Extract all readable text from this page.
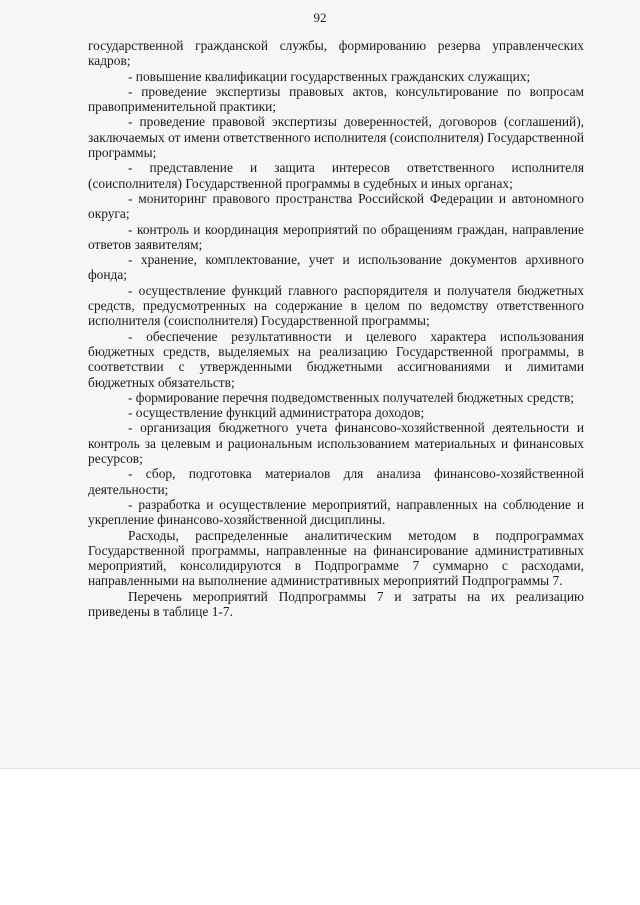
92

государственной гражданской службы, формированию резерва управленческих кадров;

- повышение квалификации государственных гражданских служащих;

- проведение экспертизы правовых актов, консультирование по вопросам правоприменительной практики;

- проведение правовой экспертизы доверенностей, договоров (соглашений), заключаемых от имени ответственного исполнителя (соисполнителя) Государственной программы;

- представление и защита интересов ответственного исполнителя (соисполнителя) Государственной программы в судебных и иных органах;

- мониторинг правового пространства Российской Федерации и автономного округа;

- контроль и координация мероприятий по обращениям граждан, направление ответов заявителям;

- хранение, комплектование, учет и использование документов архивного фонда;

- осуществление функций главного распорядителя и получателя бюджетных средств, предусмотренных на содержание в целом по ведомству ответственного исполнителя (соисполнителя) Государственной программы;

- обеспечение результативности и целевого характера использования бюджетных средств, выделяемых на реализацию Государственной программы, в соответствии с утвержденными бюджетными ассигнованиями и лимитами бюджетных обязательств;

- формирование перечня подведомственных получателей бюджетных средств;

- осуществление функций администратора доходов;

- организация бюджетного учета финансово-хозяйственной деятельности и контроль за целевым и рациональным использованием материальных и финансовых ресурсов;

- сбор, подготовка материалов для анализа финансово-хозяйственной деятельности;

- разработка и осуществление мероприятий, направленных на соблюдение и укрепление финансово-хозяйственной дисциплины.

Расходы, распределенные аналитическим методом в подпрограммах Государственной программы, направленные на финансирование административных мероприятий, консолидируются в Подпрограмме 7 суммарно с расходами, направленными на выполнение административных мероприятий Подпрограммы 7.

Перечень мероприятий Подпрограммы 7 и затраты на их реализацию приведены в таблице 1-7.
